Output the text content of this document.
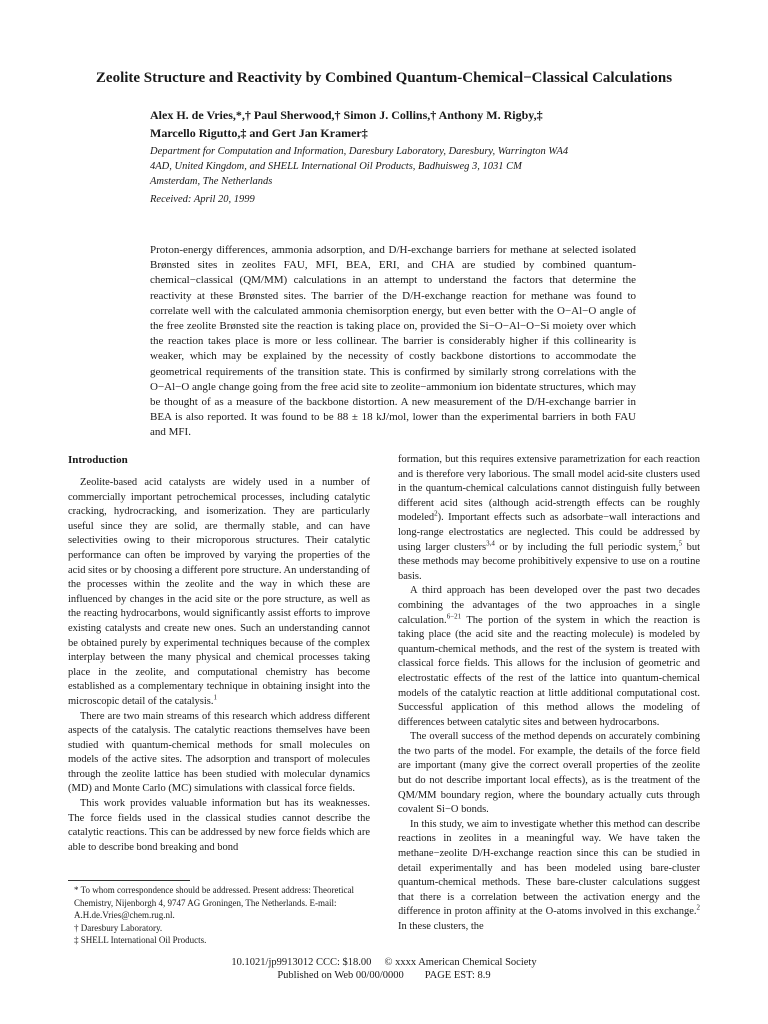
Zeolite Structure and Reactivity by Combined Quantum-Chemical−Classical Calculations
Alex H. de Vries,*,† Paul Sherwood,† Simon J. Collins,† Anthony M. Rigby,‡
Marcello Rigutto,‡ and Gert Jan Kramer‡

Department for Computation and Information, Daresbury Laboratory, Daresbury, Warrington WA4 4AD, United Kingdom, and SHELL International Oil Products, Badhuisweg 3, 1031 CM Amsterdam, The Netherlands

Received: April 20, 1999

Proton-energy differences, ammonia adsorption, and D/H-exchange barriers for methane at selected isolated Brønsted sites in zeolites FAU, MFI, BEA, ERI, and CHA are studied by combined quantum-chemical−classical (QM/MM) calculations in an attempt to understand the factors that determine the reactivity at these Brønsted sites. The barrier of the D/H-exchange reaction for methane was found to correlate well with the calculated ammonia chemisorption energy, but even better with the O−Al−O angle of the free zeolite Brønsted site the reaction is taking place on, provided the Si−O−Al−O−Si moiety over which the reaction takes place is more or less collinear. The barrier is considerably higher if this collinearity is weaker, which may be explained by the necessity of costly backbone distortions to accommodate the geometrical requirements of the transition state. This is confirmed by similarly strong correlations with the O−Al−O angle change going from the free acid site to zeolite−ammonium ion bidentate structures, which may be thought of as a measure of the backbone distortion. A new measurement of the D/H-exchange barrier in BEA is also reported. It was found to be 88 ± 18 kJ/mol, lower than the experimental barriers in both FAU and MFI.

Introduction

Zeolite-based acid catalysts are widely used in a number of commercially important petrochemical processes, including catalytic cracking, hydrocracking, and isomerization. They are particularly useful since they are solid, are thermally stable, and can have selectivities owing to their microporous structures. Their catalytic performance can often be improved by varying the properties of the acid sites or by choosing a different pore structure. An understanding of the processes within the zeolite and the way in which these are influenced by changes in the acid site or the pore structure, as well as the reacting hydrocarbons, would significantly assist efforts to improve existing catalysts and create new ones. Such an understanding cannot be obtained purely by experimental techniques because of the complex interplay between the many physical and chemical processes taking place in the zeolite, and computational chemistry has become established as a complementary technique in obtaining insight into the microscopic detail of the catalysis.$^1$

There are two main streams of this research which address different aspects of the catalysis. The catalytic reactions themselves have been studied with quantum-chemical methods for small molecules on models of the active sites. The adsorption and transport of molecules through the zeolite lattice has been studied with molecular dynamics (MD) and Monte Carlo (MC) simulations with classical force fields.

This work provides valuable information but has its weaknesses. The force fields used in the classical studies cannot describe the catalytic reactions. This can be addressed by new force fields which are able to describe bond breaking and bond

formation, but this requires extensive parametrization for each reaction and is therefore very laborious. The small model acid-site clusters used in the quantum-chemical calculations cannot distinguish fully between different acid sites (although acid-strength effects can be roughly modeled$^2$). Important effects such as adsorbate−wall interactions and long-range electrostatics are neglected. This could be addressed by using larger clusters$^{3,4}$ or by including the full periodic system,$^5$ but these methods may become prohibitively expensive to use on a routine basis.

A third approach has been developed over the past two decades combining the advantages of the two approaches in a single calculation.$^{6-21}$ The portion of the system in which the reaction is taking place (the acid site and the reacting molecule) is modeled by quantum-chemical methods, and the rest of the system is treated with classical force fields. This allows for the inclusion of geometric and electrostatic effects of the rest of the lattice into quantum-chemical models of the catalytic reaction at little additional computational cost. Successful application of this method allows the modeling of differences between catalytic sites and between hydrocarbons.

The overall success of the method depends on accurately combining the two parts of the model. For example, the details of the force field are important (many give the correct overall properties of the zeolite but do not describe important local effects), as is the treatment of the QM/MM boundary region, where the boundary actually cuts through covalent Si−O bonds.

In this study, we aim to investigate whether this method can describe reactions in zeolites in a meaningful way. We have taken the methane−zeolite D/H-exchange reaction since this can be studied in detail experimentally and has been modeled using bare-cluster quantum-chemical methods. These bare-cluster calculations suggest that there is a correlation between the activation energy and the difference in proton affinity at the O-atoms involved in this exchange.$^2$ In these clusters, the

* To whom correspondence should be addressed. Present address: Theoretical Chemistry, Nijenborgh 4, 9747 AG Groningen, The Netherlands. E-mail: A.H.de.Vries@chem.rug.nl.
† Daresbury Laboratory.
‡ SHELL International Oil Products.
10.1021/jp9913012 CCC: $18.00     © xxxx American Chemical Society
Published on Web 00/00/0000        PAGE EST: 8.9
